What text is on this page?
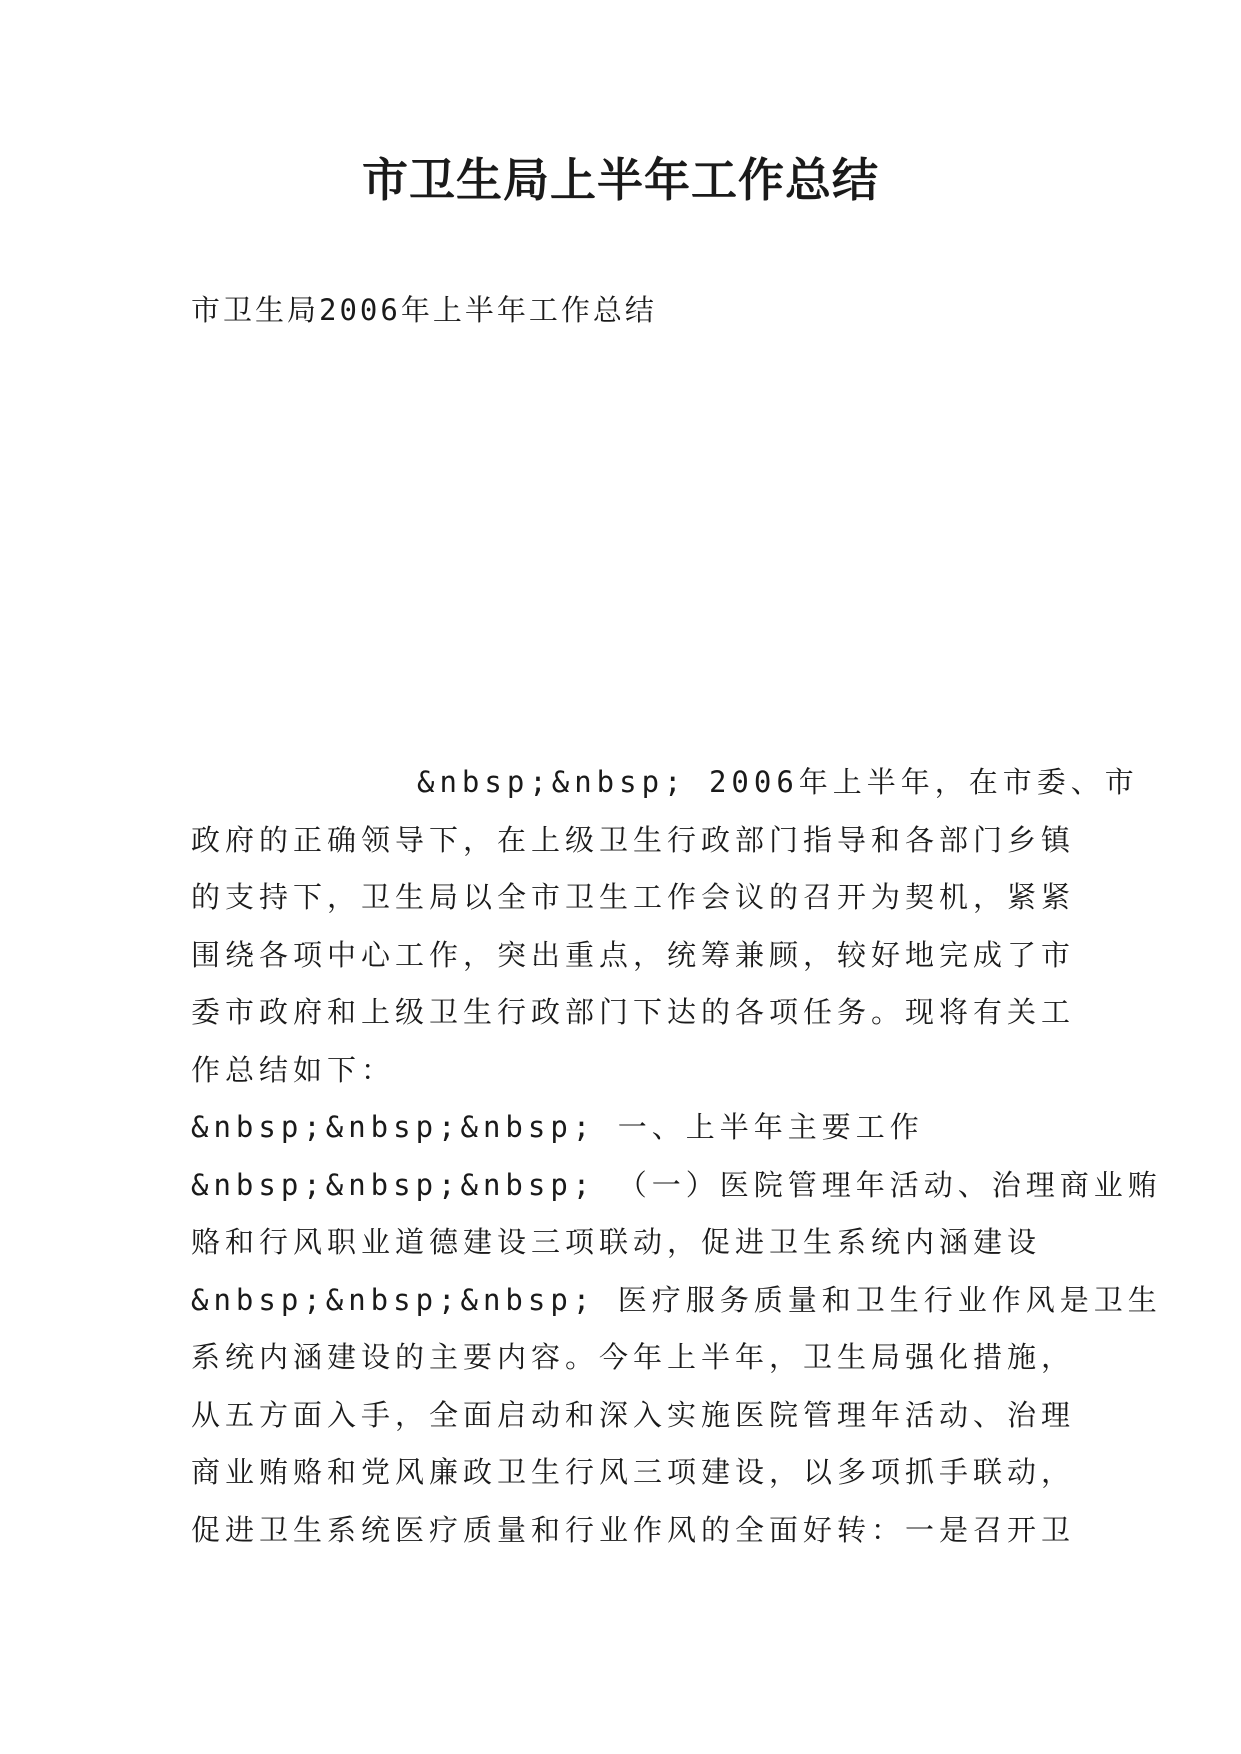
市卫生局上半年工作总结

市卫生局2006年上半年工作总结

&nbsp;&nbsp; 2006年上半年，在市委、市
政府的正确领导下，在上级卫生行政部门指导和各部门乡镇
的支持下，卫生局以全市卫生工作会议的召开为契机，紧紧
围绕各项中心工作，突出重点，统筹兼顾，较好地完成了市
委市政府和上级卫生行政部门下达的各项任务。现将有关工
作总结如下：
&nbsp;&nbsp;&nbsp; 一、上半年主要工作
&nbsp;&nbsp;&nbsp; （一）医院管理年活动、治理商业贿
赂和行风职业道德建设三项联动，促进卫生系统内涵建设
&nbsp;&nbsp;&nbsp; 医疗服务质量和卫生行业作风是卫生
系统内涵建设的主要内容。今年上半年，卫生局强化措施，
从五方面入手，全面启动和深入实施医院管理年活动、治理
商业贿赂和党风廉政卫生行风三项建设，以多项抓手联动，
促进卫生系统医疗质量和行业作风的全面好转：一是召开卫
